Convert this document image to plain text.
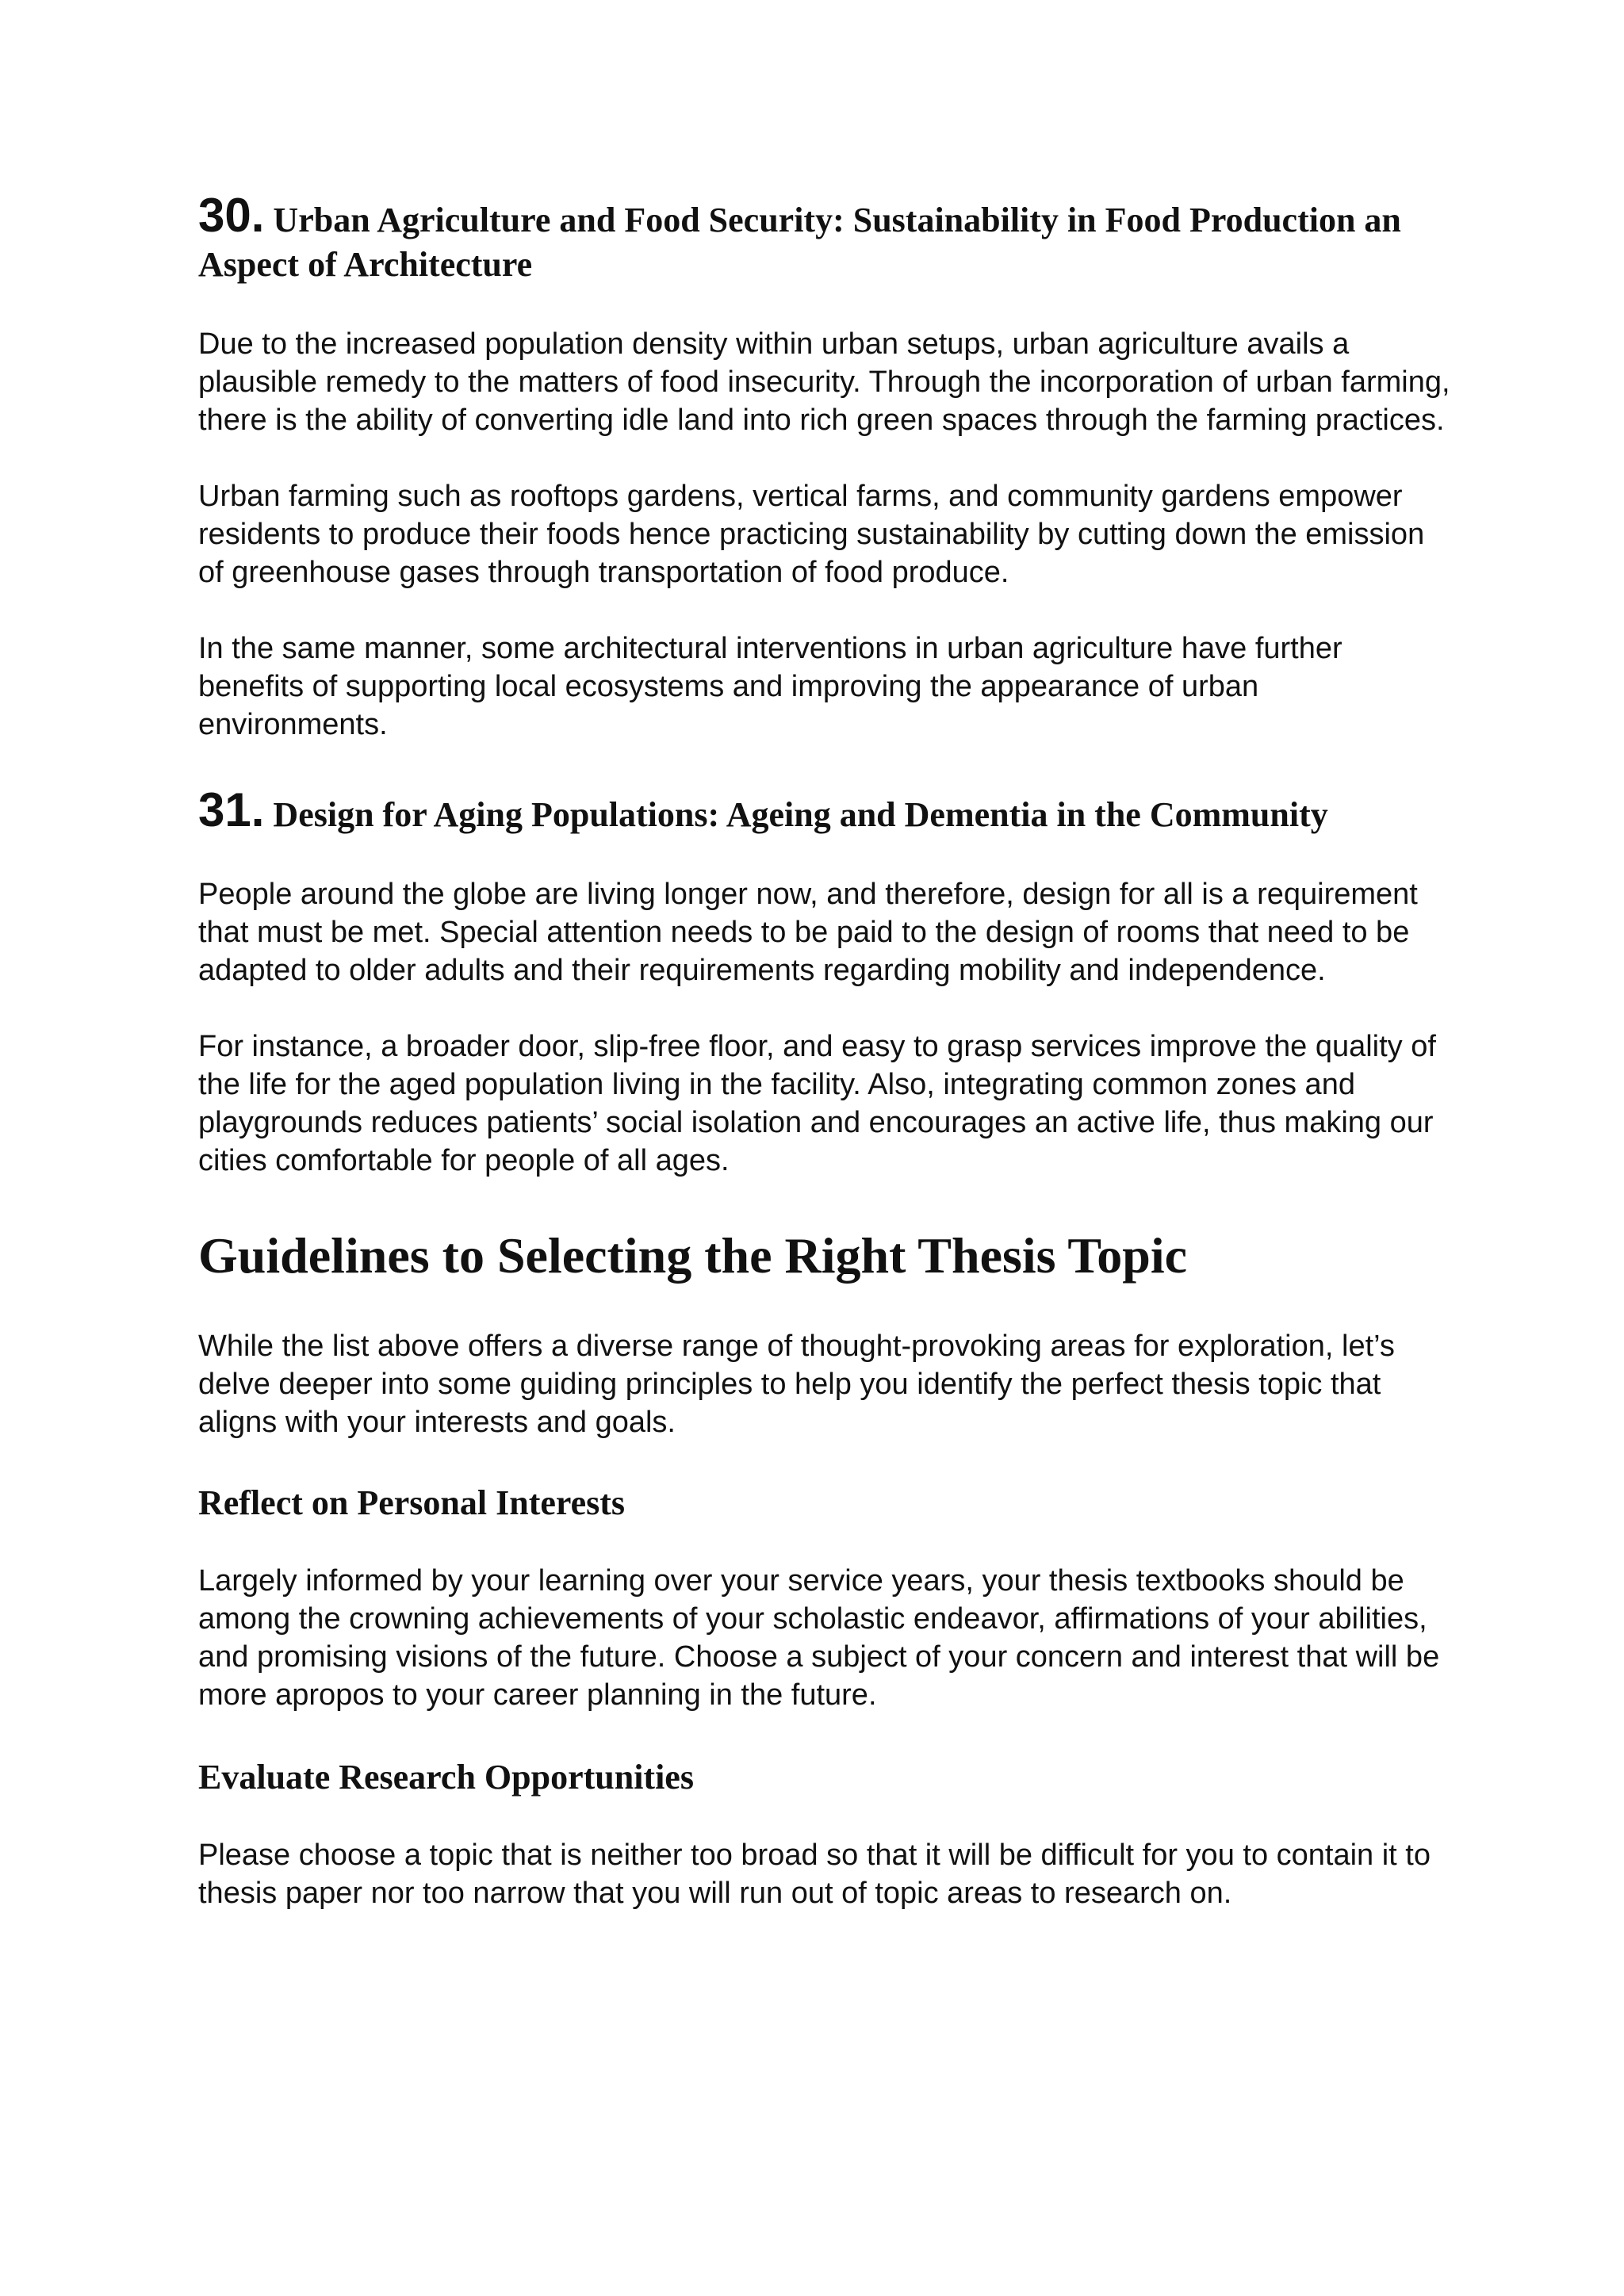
30. Urban Agriculture and Food Security: Sustainability in Food Production an Aspect of Architecture

Due to the increased population density within urban setups, urban agriculture avails a plausible remedy to the matters of food insecurity. Through the incorporation of urban farming, there is the ability of converting idle land into rich green spaces through the farming practices.

Urban farming such as rooftops gardens, vertical farms, and community gardens empower residents to produce their foods hence practicing sustainability by cutting down the emission of greenhouse gases through transportation of food produce.

In the same manner, some architectural interventions in urban agriculture have further benefits of supporting local ecosystems and improving the appearance of urban environments.

31. Design for Aging Populations: Ageing and Dementia in the Community

People around the globe are living longer now, and therefore, design for all is a requirement that must be met. Special attention needs to be paid to the design of rooms that need to be adapted to older adults and their requirements regarding mobility and independence.

For instance, a broader door, slip-free floor, and easy to grasp services improve the quality of the life for the aged population living in the facility. Also, integrating common zones and playgrounds reduces patients’ social isolation and encourages an active life, thus making our cities comfortable for people of all ages.

Guidelines to Selecting the Right Thesis Topic

While the list above offers a diverse range of thought-provoking areas for exploration, let’s delve deeper into some guiding principles to help you identify the perfect thesis topic that aligns with your interests and goals.

Reflect on Personal Interests

Largely informed by your learning over your service years, your thesis textbooks should be among the crowning achievements of your scholastic endeavor, affirmations of your abilities, and promising visions of the future. Choose a subject of your concern and interest that will be more apropos to your career planning in the future.

Evaluate Research Opportunities

Please choose a topic that is neither too broad so that it will be difficult for you to contain it to thesis paper nor too narrow that you will run out of topic areas to research on.
